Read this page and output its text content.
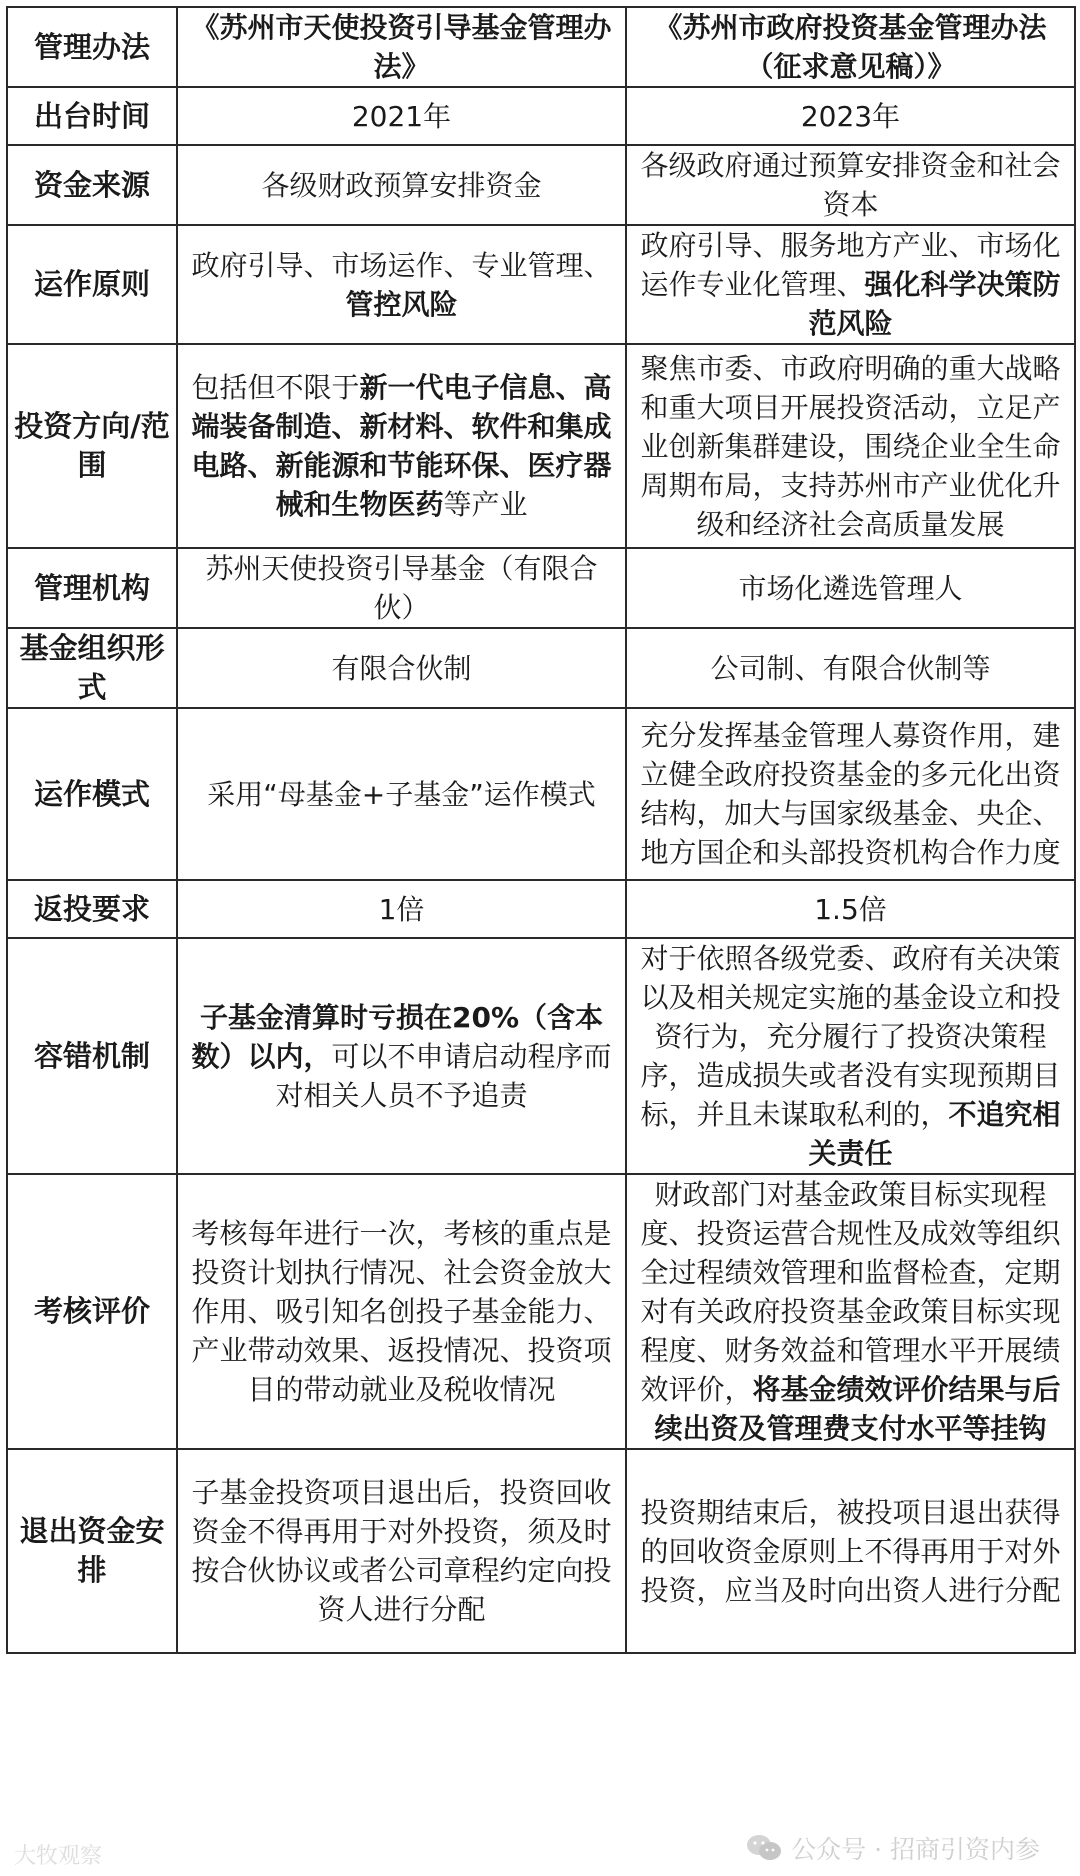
管理办法	《苏州市天使投资引导基金管理办法》	《苏州市政府投资基金管理办法（征求意见稿）》
出台时间	2021年	2023年
资金来源	各级财政预算安排资金	各级政府通过预算安排资金和社会资本
运作原则	政府引导、市场运作、专业管理、管控风险	政府引导、服务地方产业、市场化运作专业化管理、强化科学决策防范风险
投资方向/范围	包括但不限于新一代电子信息、高端装备制造、新材料、软件和集成电路、新能源和节能环保、医疗器械和生物医药等产业	聚焦市委、市政府明确的重大战略和重大项目开展投资活动，立足产业创新集群建设，围绕企业全生命周期布局，支持苏州市产业优化升级和经济社会高质量发展
管理机构	苏州天使投资引导基金（有限合伙）	市场化遴选管理人
基金组织形式	有限合伙制	公司制、有限合伙制等
运作模式	采用“母基金+子基金”运作模式	充分发挥基金管理人募资作用，建立健全政府投资基金的多元化出资结构，加大与国家级基金、央企、地方国企和头部投资机构合作力度
返投要求	1倍	1.5倍
容错机制	子基金清算时亏损在20%（含本数）以内，可以不申请启动程序而对相关人员不予追责	对于依照各级党委、政府有关决策以及相关规定实施的基金设立和投资行为，充分履行了投资决策程序，造成损失或者没有实现预期目标，并且未谋取私利的，不追究相关责任
考核评价	考核每年进行一次，考核的重点是投资计划执行情况、社会资金放大作用、吸引知名创投子基金能力、产业带动效果、返投情况、投资项目的带动就业及税收情况	财政部门对基金政策目标实现程度、投资运营合规性及成效等组织全过程绩效管理和监督检查，定期对有关政府投资基金政策目标实现程度、财务效益和管理水平开展绩效评价，将基金绩效评价结果与后续出资及管理费支付水平等挂钩
退出资金安排	子基金投资项目退出后，投资回收资金不得再用于对外投资，须及时按合伙协议或者公司章程约定向投资人进行分配	投资期结束后，被投项目退出获得的回收资金原则上不得再用于对外投资，应当及时向出资人进行分配
大牧观察	公众号 · 招商引资内参
